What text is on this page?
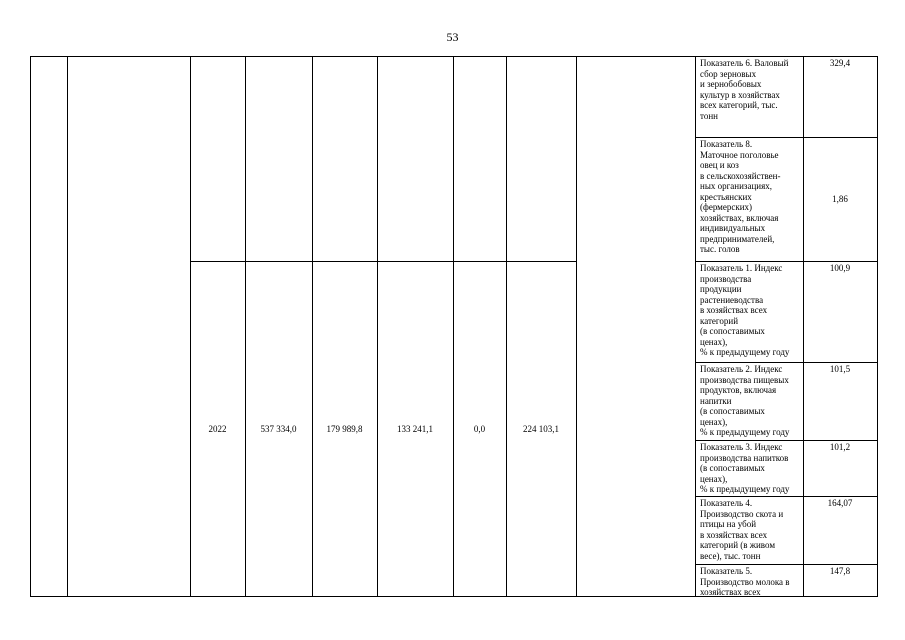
53
2022	537 334,0	179 989,8	133 241,1	0,0	224 103,1
Показатель 6. Валовый
сбор зерновых
и зернобобовых
культур в хозяйствах
всех категорий, тыс.
тонн
329,4
Показатель 8.
Маточное поголовье
овец и коз
в сельскохозяйствен-
ных организациях,
крестьянских
(фермерских)
хозяйствах, включая
индивидуальных
предпринимателей,
тыс. голов
1,86
Показатель 1. Индекс
производства
продукции
растениеводства
в хозяйствах всех
категорий
(в сопоставимых
ценах),
% к предыдущему году
100,9
Показатель 2. Индекс
производства пищевых
продуктов, включая
напитки
(в сопоставимых
ценах),
% к предыдущему году
101,5
Показатель 3. Индекс
производства напитков
(в сопоставимых
ценах),
% к предыдущему году
101,2
Показатель 4.
Производство скота и
птицы на убой
в хозяйствах всех
категорий (в живом
весе), тыс. тонн
164,07
Показатель 5.
Производство молока в
хозяйствах всех
147,8
